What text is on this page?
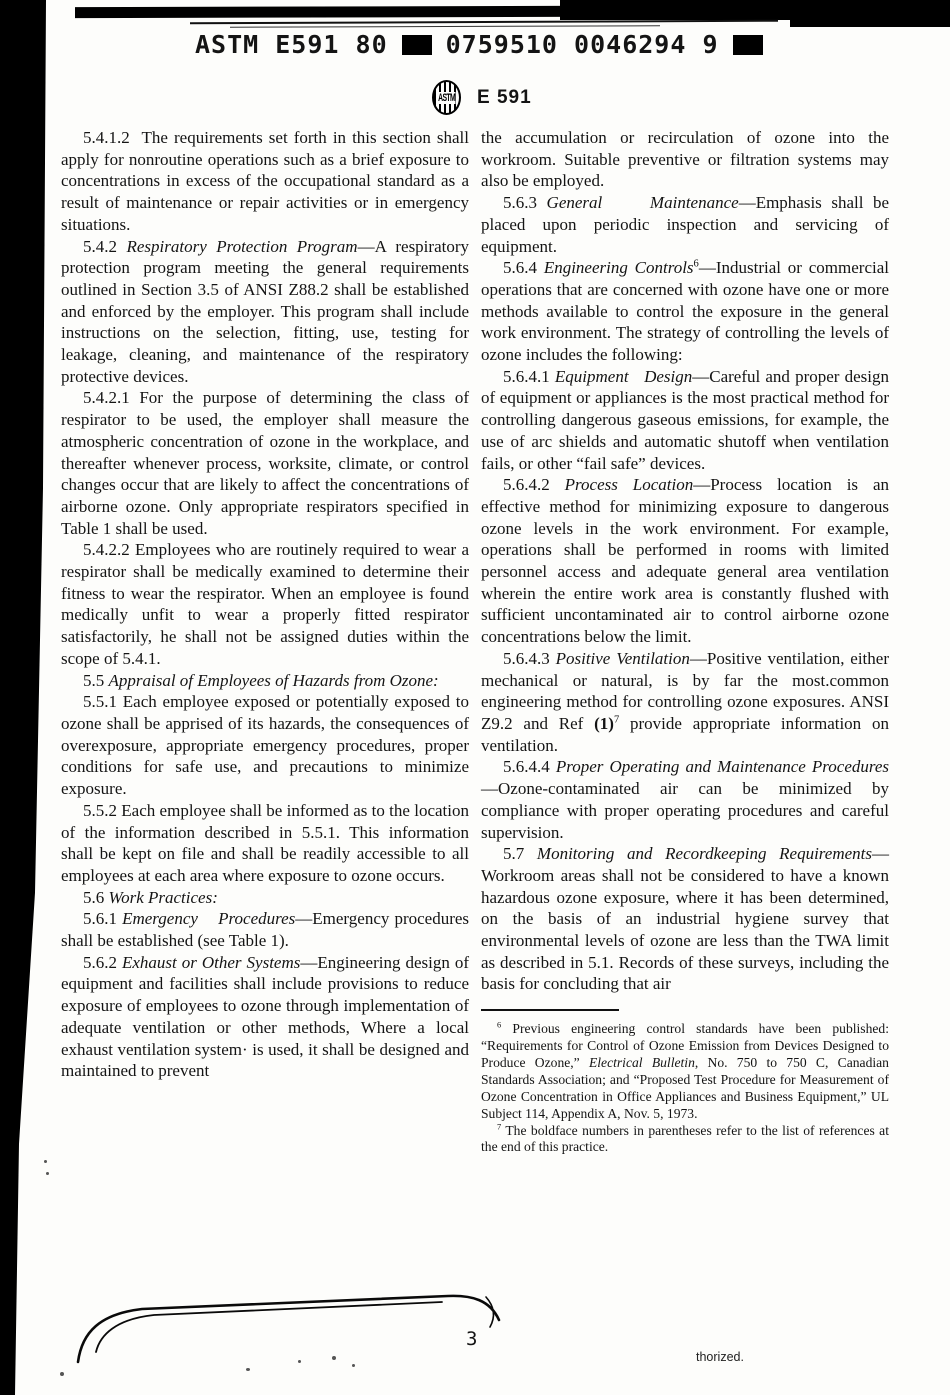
ASTM E591 80 0759510 0046294 9
ASTM E 591

5.4.1.2  The requirements set forth in this section shall apply for nonroutine operations such as a brief exposure to concentrations in excess of the occupational standard as a result of maintenance or repair activities or in emergency situations.

5.4.2 Respiratory Protection Program—A respiratory protection program meeting the general requirements outlined in Section 3.5 of ANSI Z88.2 shall be established and enforced by the employer. This program shall include instructions on the selection, fitting, use, testing for leakage, cleaning, and maintenance of the respiratory protective devices.

5.4.2.1 For the purpose of determining the class of respirator to be used, the employer shall measure the atmospheric concentration of ozone in the workplace, and thereafter whenever process, worksite, climate, or control changes occur that are likely to affect the concentrations of airborne ozone. Only appropriate respirators specified in Table 1 shall be used.

5.4.2.2 Employees who are routinely required to wear a respirator shall be medically examined to determine their fitness to wear the respirator. When an employee is found medically unfit to wear a properly fitted respirator satisfactorily, he shall not be assigned duties within the scope of 5.4.1.

5.5 Appraisal of Employees of Hazards from Ozone:

5.5.1 Each employee exposed or potentially exposed to ozone shall be apprised of its hazards, the consequences of overexposure, appropriate emergency procedures, proper conditions for safe use, and precautions to minimize exposure.

5.5.2 Each employee shall be informed as to the location of the information described in 5.5.1. This information shall be kept on file and shall be readily accessible to all employees at each area where exposure to ozone occurs.

5.6 Work Practices:

5.6.1 Emergency    Procedures—Emergency procedures shall be established (see Table 1).

5.6.2 Exhaust or Other Systems—Engineering design of equipment and facilities shall include provisions to reduce exposure of employees to ozone through implementation of adequate ventilation or other methods, Where a local exhaust ventilation system· is used, it shall be designed and maintained to prevent

the accumulation or recirculation of ozone into the workroom. Suitable preventive or filtration systems may also be employed.

5.6.3 General     Maintenance—Emphasis shall be placed upon periodic inspection and servicing of equipment.

5.6.4 Engineering Controls$^6$—Industrial or commercial operations that are concerned with ozone have one or more methods available to control the exposure in the general work environment. The strategy of controlling the levels of ozone includes the following:

5.6.4.1 Equipment   Design—Careful and proper design of equipment or appliances is the most practical method for controlling dangerous gaseous emissions, for example, the use of arc shields and automatic shutoff when ventilation fails, or other “fail safe” devices.

5.6.4.2 Process Location—Process location is an effective method for minimizing exposure to dangerous ozone levels in the work environment. For example, operations shall be performed in rooms with limited personnel access and adequate general area ventilation wherein the entire work area is constantly flushed with sufficient uncontaminated air to control airborne ozone concentrations below the limit.

5.6.4.3 Positive Ventilation—Positive ventilation, either mechanical or natural, is by far the most.common engineering method for controlling ozone exposures. ANSI Z9.2 and Ref $(1)^7$ provide appropriate information on ventilation.

5.6.4.4 Proper Operating and Maintenance Procedures—Ozone-contaminated air can be minimized by compliance with proper operating procedures and careful supervision.

5.7 Monitoring and Recordkeeping Requirements—Workroom areas shall not be considered to have a known hazardous ozone exposure, where it has been determined, on the basis of an industrial hygiene survey that environmental levels of ozone are less than the TWA limit as described in 5.1. Records of these surveys, including the basis for concluding that air

$^6$ Previous engineering control standards have been published: “Requirements for Control of Ozone Emission from Devices Designed to Produce Ozone,” Electrical Bulletin, No. 750 to 750 C, Canadian Standards Association; and “Proposed Test Procedure for Measurement of Ozone Concentration in Office Appliances and Business Equipment,” UL Subject 114, Appendix A, Nov. 5, 1973.

$^7$ The boldface numbers in parentheses refer to the list of references at the end of this practice.

3
thorized.
